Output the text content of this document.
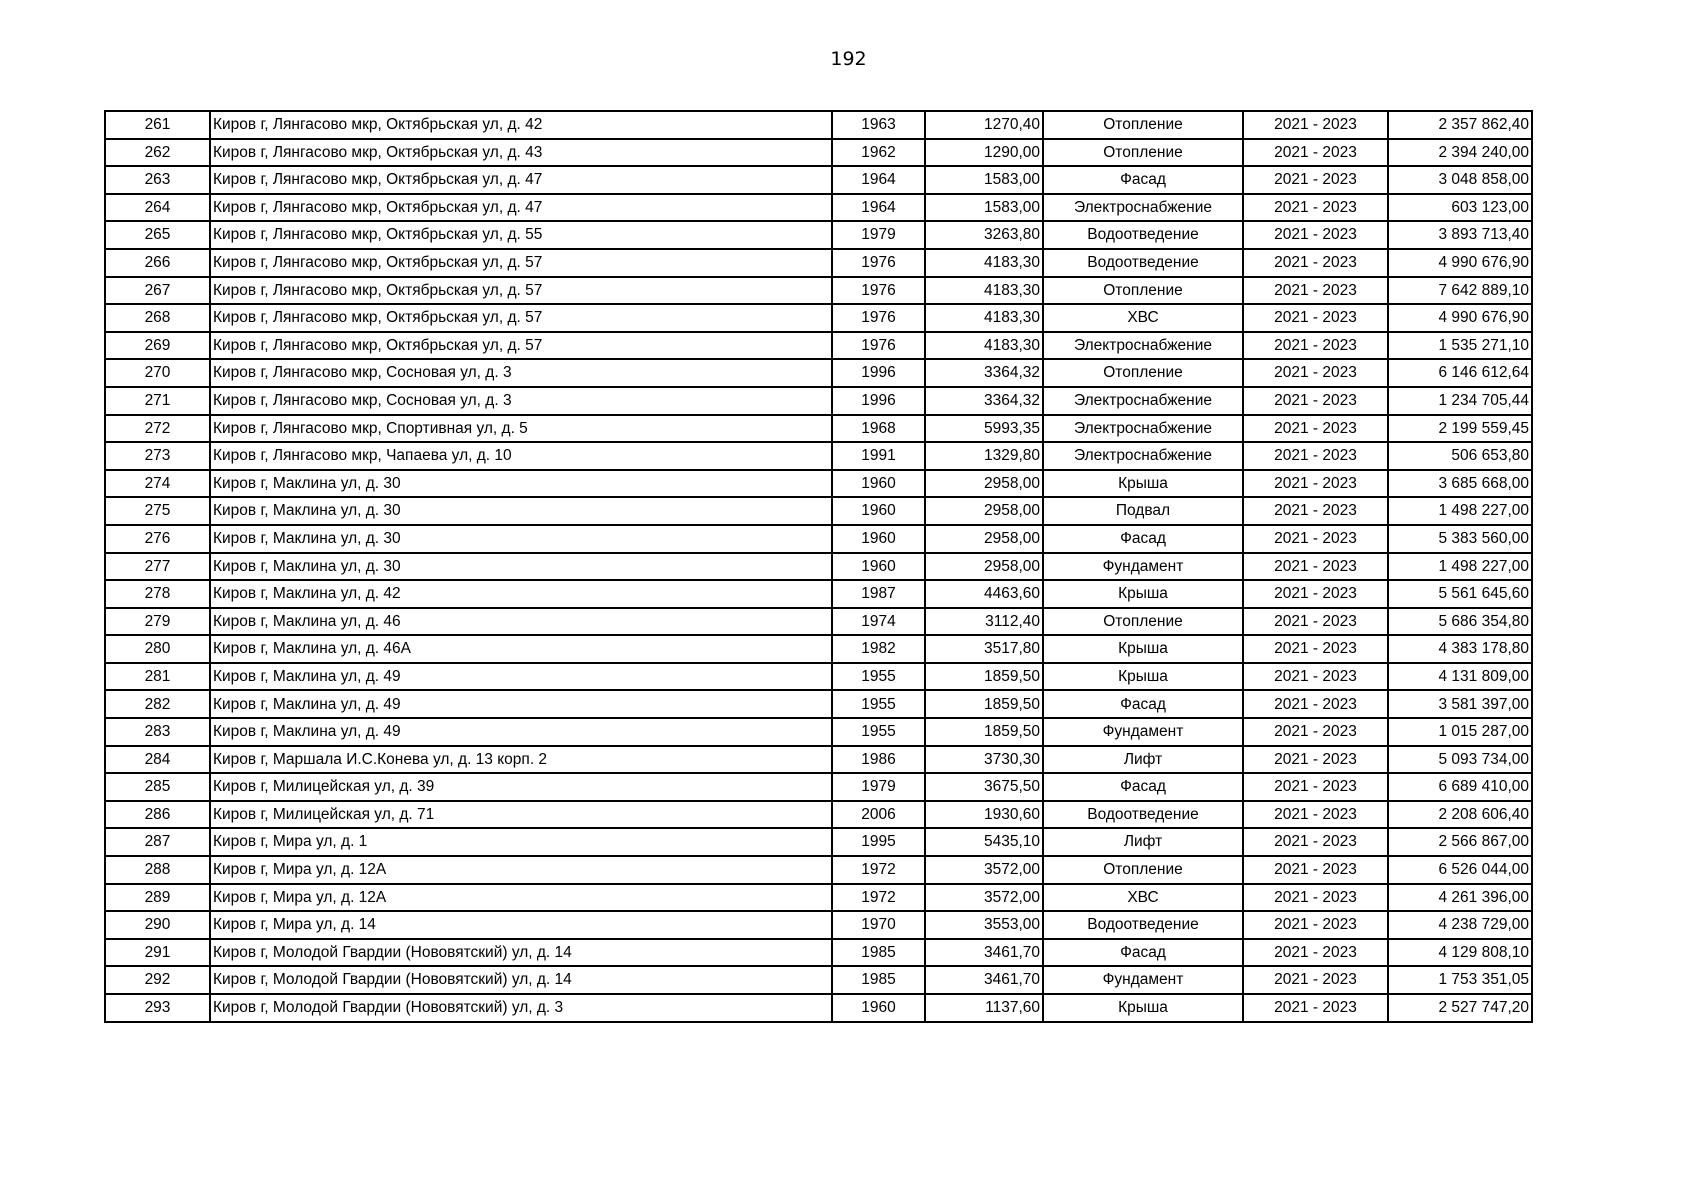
192
261	Киров г, Лянгасово мкр, Октябрьская ул, д. 42	1963	1270,40	Отопление	2021 - 2023	2 357 862,40
262	Киров г, Лянгасово мкр, Октябрьская ул, д. 43	1962	1290,00	Отопление	2021 - 2023	2 394 240,00
263	Киров г, Лянгасово мкр, Октябрьская ул, д. 47	1964	1583,00	Фасад	2021 - 2023	3 048 858,00
264	Киров г, Лянгасово мкр, Октябрьская ул, д. 47	1964	1583,00	Электроснабжение	2021 - 2023	603 123,00
265	Киров г, Лянгасово мкр, Октябрьская ул, д. 55	1979	3263,80	Водоотведение	2021 - 2023	3 893 713,40
266	Киров г, Лянгасово мкр, Октябрьская ул, д. 57	1976	4183,30	Водоотведение	2021 - 2023	4 990 676,90
267	Киров г, Лянгасово мкр, Октябрьская ул, д. 57	1976	4183,30	Отопление	2021 - 2023	7 642 889,10
268	Киров г, Лянгасово мкр, Октябрьская ул, д. 57	1976	4183,30	ХВС	2021 - 2023	4 990 676,90
269	Киров г, Лянгасово мкр, Октябрьская ул, д. 57	1976	4183,30	Электроснабжение	2021 - 2023	1 535 271,10
270	Киров г, Лянгасово мкр, Сосновая ул, д. 3	1996	3364,32	Отопление	2021 - 2023	6 146 612,64
271	Киров г, Лянгасово мкр, Сосновая ул, д. 3	1996	3364,32	Электроснабжение	2021 - 2023	1 234 705,44
272	Киров г, Лянгасово мкр, Спортивная ул, д. 5	1968	5993,35	Электроснабжение	2021 - 2023	2 199 559,45
273	Киров г, Лянгасово мкр, Чапаева ул, д. 10	1991	1329,80	Электроснабжение	2021 - 2023	506 653,80
274	Киров г, Маклина ул, д. 30	1960	2958,00	Крыша	2021 - 2023	3 685 668,00
275	Киров г, Маклина ул, д. 30	1960	2958,00	Подвал	2021 - 2023	1 498 227,00
276	Киров г, Маклина ул, д. 30	1960	2958,00	Фасад	2021 - 2023	5 383 560,00
277	Киров г, Маклина ул, д. 30	1960	2958,00	Фундамент	2021 - 2023	1 498 227,00
278	Киров г, Маклина ул, д. 42	1987	4463,60	Крыша	2021 - 2023	5 561 645,60
279	Киров г, Маклина ул, д. 46	1974	3112,40	Отопление	2021 - 2023	5 686 354,80
280	Киров г, Маклина ул, д. 46А	1982	3517,80	Крыша	2021 - 2023	4 383 178,80
281	Киров г, Маклина ул, д. 49	1955	1859,50	Крыша	2021 - 2023	4 131 809,00
282	Киров г, Маклина ул, д. 49	1955	1859,50	Фасад	2021 - 2023	3 581 397,00
283	Киров г, Маклина ул, д. 49	1955	1859,50	Фундамент	2021 - 2023	1 015 287,00
284	Киров г, Маршала И.С.Конева ул, д. 13 корп. 2	1986	3730,30	Лифт	2021 - 2023	5 093 734,00
285	Киров г, Милицейская ул, д. 39	1979	3675,50	Фасад	2021 - 2023	6 689 410,00
286	Киров г, Милицейская ул, д. 71	2006	1930,60	Водоотведение	2021 - 2023	2 208 606,40
287	Киров г, Мира ул, д. 1	1995	5435,10	Лифт	2021 - 2023	2 566 867,00
288	Киров г, Мира ул, д. 12А	1972	3572,00	Отопление	2021 - 2023	6 526 044,00
289	Киров г, Мира ул, д. 12А	1972	3572,00	ХВС	2021 - 2023	4 261 396,00
290	Киров г, Мира ул, д. 14	1970	3553,00	Водоотведение	2021 - 2023	4 238 729,00
291	Киров г, Молодой Гвардии (Нововятский) ул, д. 14	1985	3461,70	Фасад	2021 - 2023	4 129 808,10
292	Киров г, Молодой Гвардии (Нововятский) ул, д. 14	1985	3461,70	Фундамент	2021 - 2023	1 753 351,05
293	Киров г, Молодой Гвардии (Нововятский) ул, д. 3	1960	1137,60	Крыша	2021 - 2023	2 527 747,20
